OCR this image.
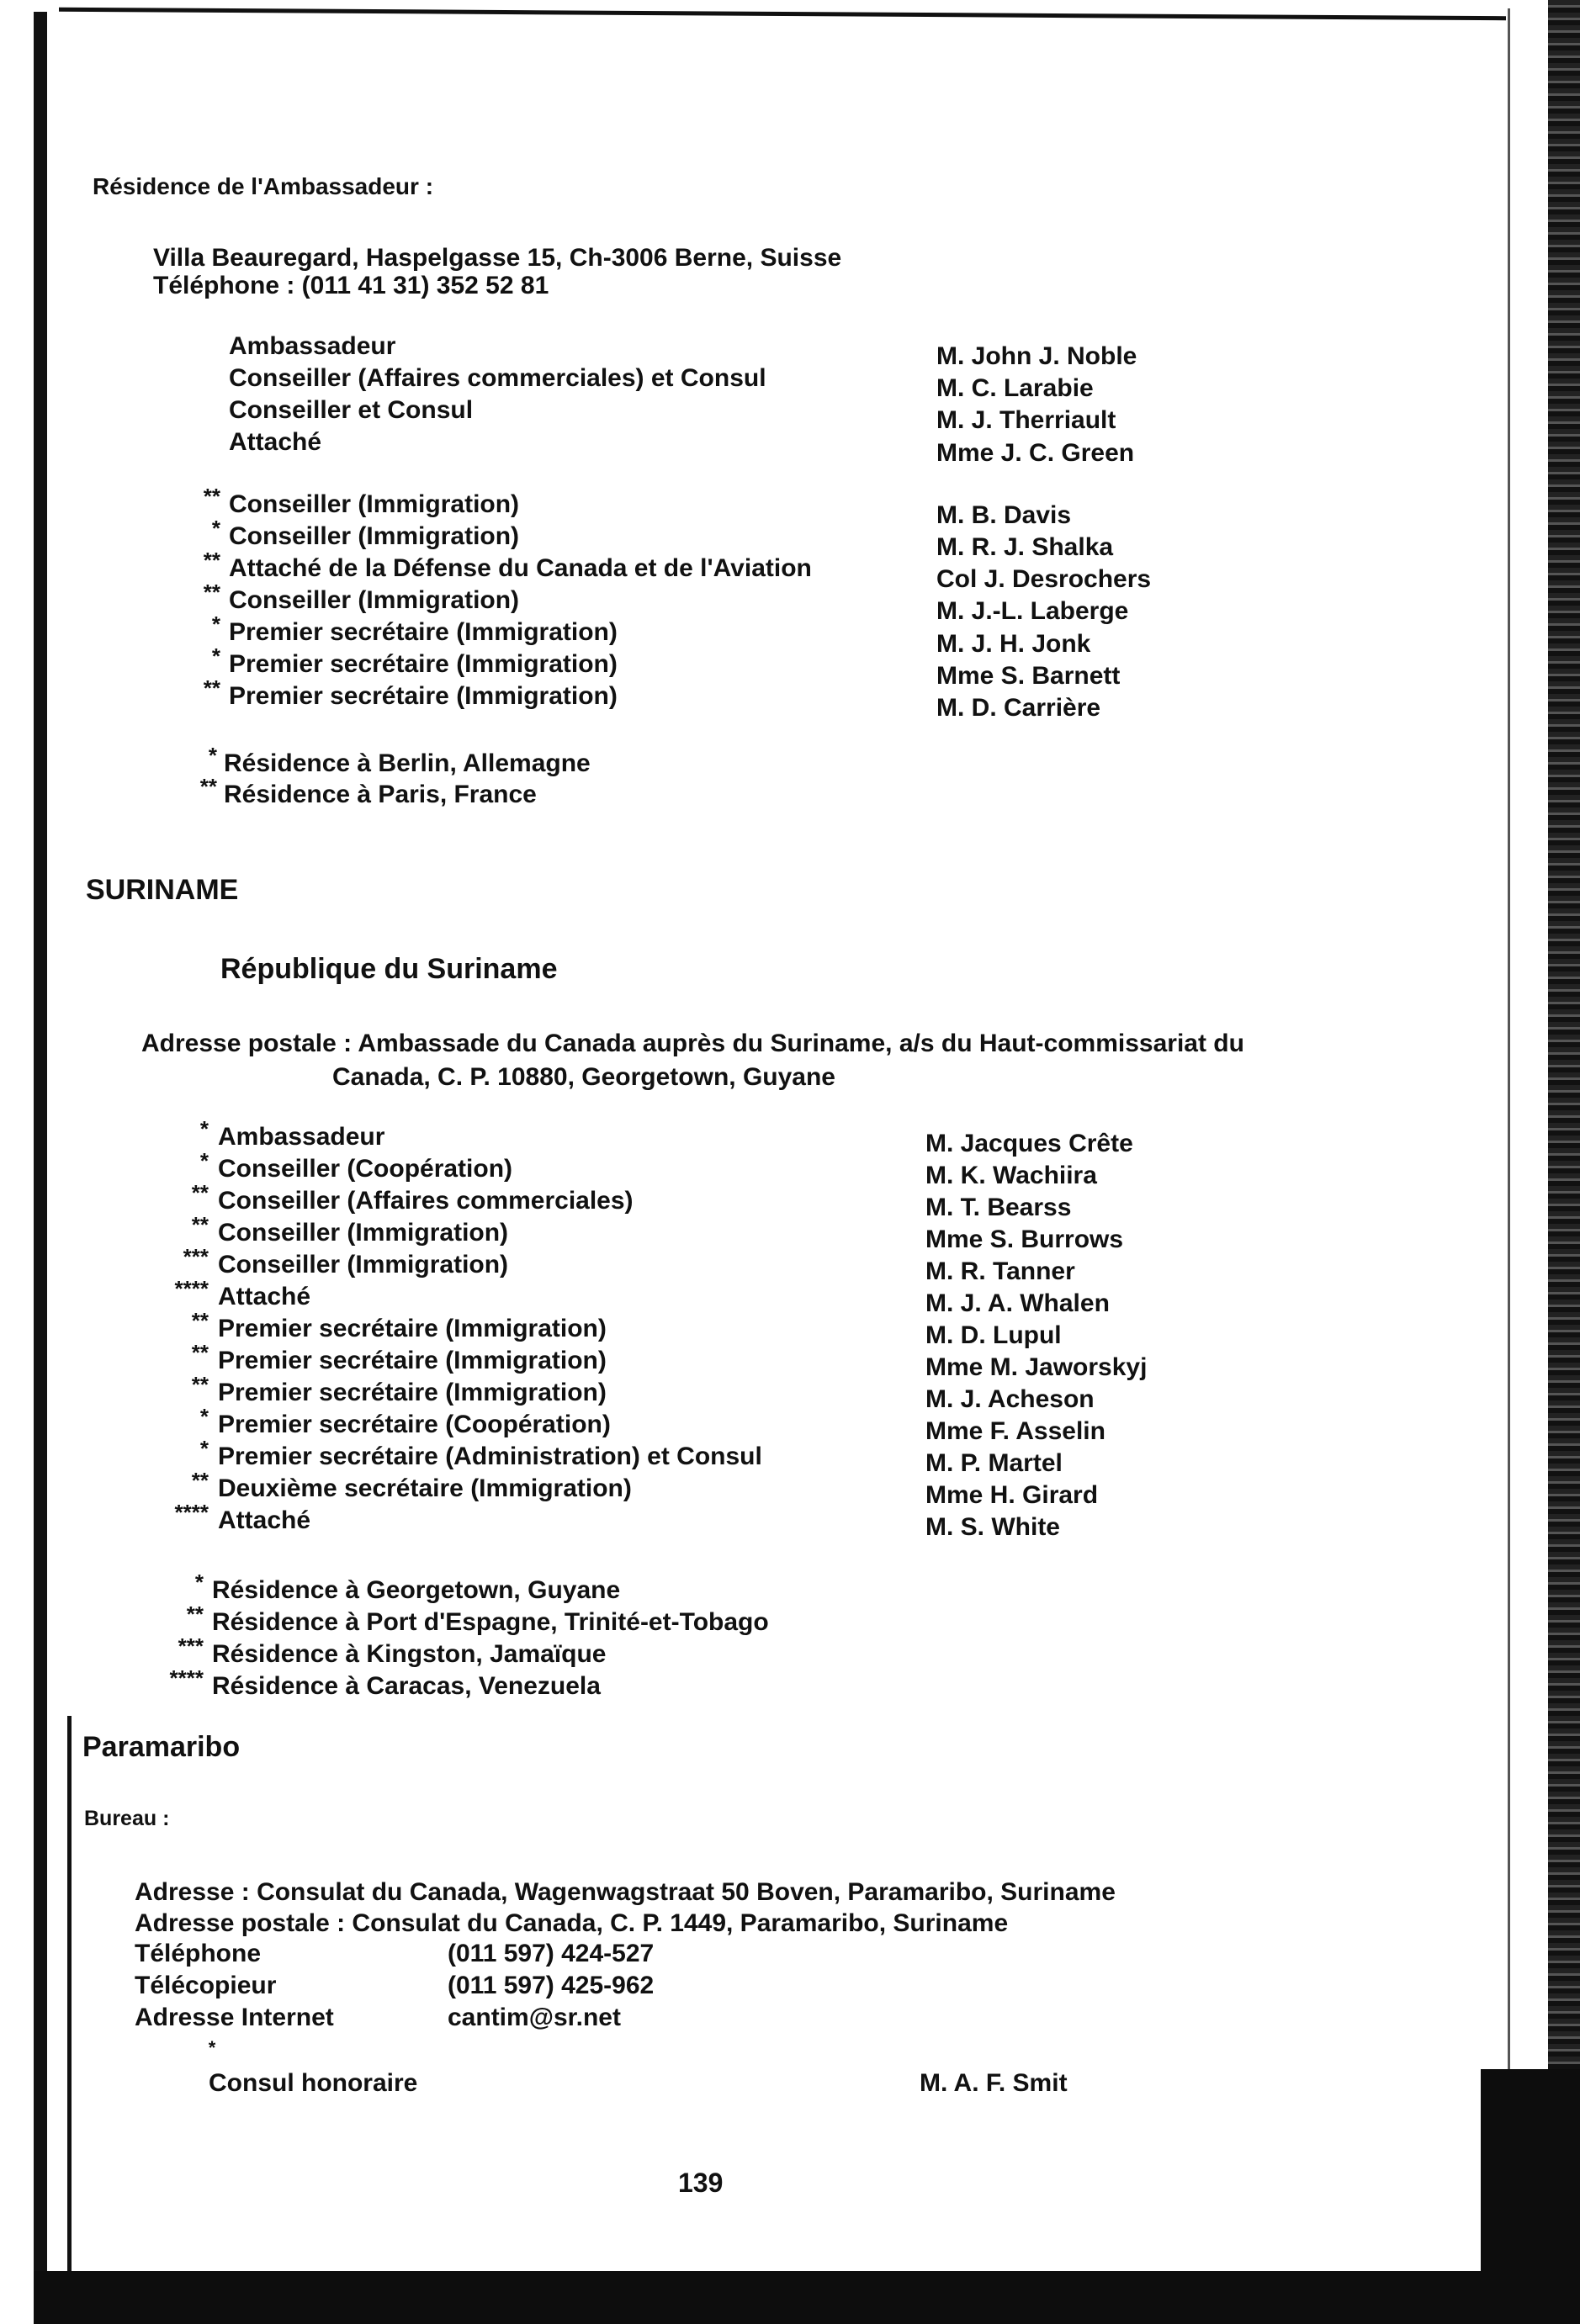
Résidence de l'Ambassadeur :
Villa Beauregard, Haspelgasse 15, Ch-3006 Berne, Suisse
Téléphone : (011 41 31) 352 52 81
Ambassadeur	M. John J. Noble
Conseiller (Affaires commerciales) et Consul	M. C. Larabie
Conseiller et Consul	M. J. Therriault
Attaché	Mme J. C. Green
** Conseiller (Immigration)	M. B. Davis
* Conseiller (Immigration)	M. R. J. Shalka
** Attaché de la Défense du Canada et de l'Aviation	Col J. Desrochers
** Conseiller (Immigration)	M. J.-L. Laberge
* Premier secrétaire (Immigration)	M. J. H. Jonk
* Premier secrétaire (Immigration)	Mme S. Barnett
** Premier secrétaire (Immigration)	M. D. Carrière
* Résidence à Berlin, Allemagne
** Résidence à Paris, France
SURINAME
République du Suriname
Adresse postale : Ambassade du Canada auprès du Suriname, a/s du Haut-commissariat du
Canada, C. P. 10880, Georgetown, Guyane
* Ambassadeur	M. Jacques Crête
* Conseiller (Coopération)	M. K. Wachiira
** Conseiller (Affaires commerciales)	M. T. Bearss
** Conseiller (Immigration)	Mme S. Burrows
*** Conseiller (Immigration)	M. R. Tanner
**** Attaché	M. J. A. Whalen
** Premier secrétaire (Immigration)	M. D. Lupul
** Premier secrétaire (Immigration)	Mme M. Jaworskyj
** Premier secrétaire (Immigration)	M. J. Acheson
* Premier secrétaire (Coopération)	Mme F. Asselin
* Premier secrétaire (Administration) et Consul	M. P. Martel
** Deuxième secrétaire (Immigration)	Mme H. Girard
**** Attaché	M. S. White
* Résidence à Georgetown, Guyane
** Résidence à Port d'Espagne, Trinité-et-Tobago
*** Résidence à Kingston, Jamaïque
**** Résidence à Caracas, Venezuela
Paramaribo
Bureau :
Adresse : Consulat du Canada, Wagenwagstraat 50 Boven, Paramaribo, Suriname
Adresse postale : Consulat du Canada, C. P. 1449, Paramaribo, Suriname
Téléphone	(011 597) 424-527
Télécopieur	(011 597) 425-962
Adresse Internet	cantim@sr.net
*
Consul honoraire	M. A. F. Smit
139
